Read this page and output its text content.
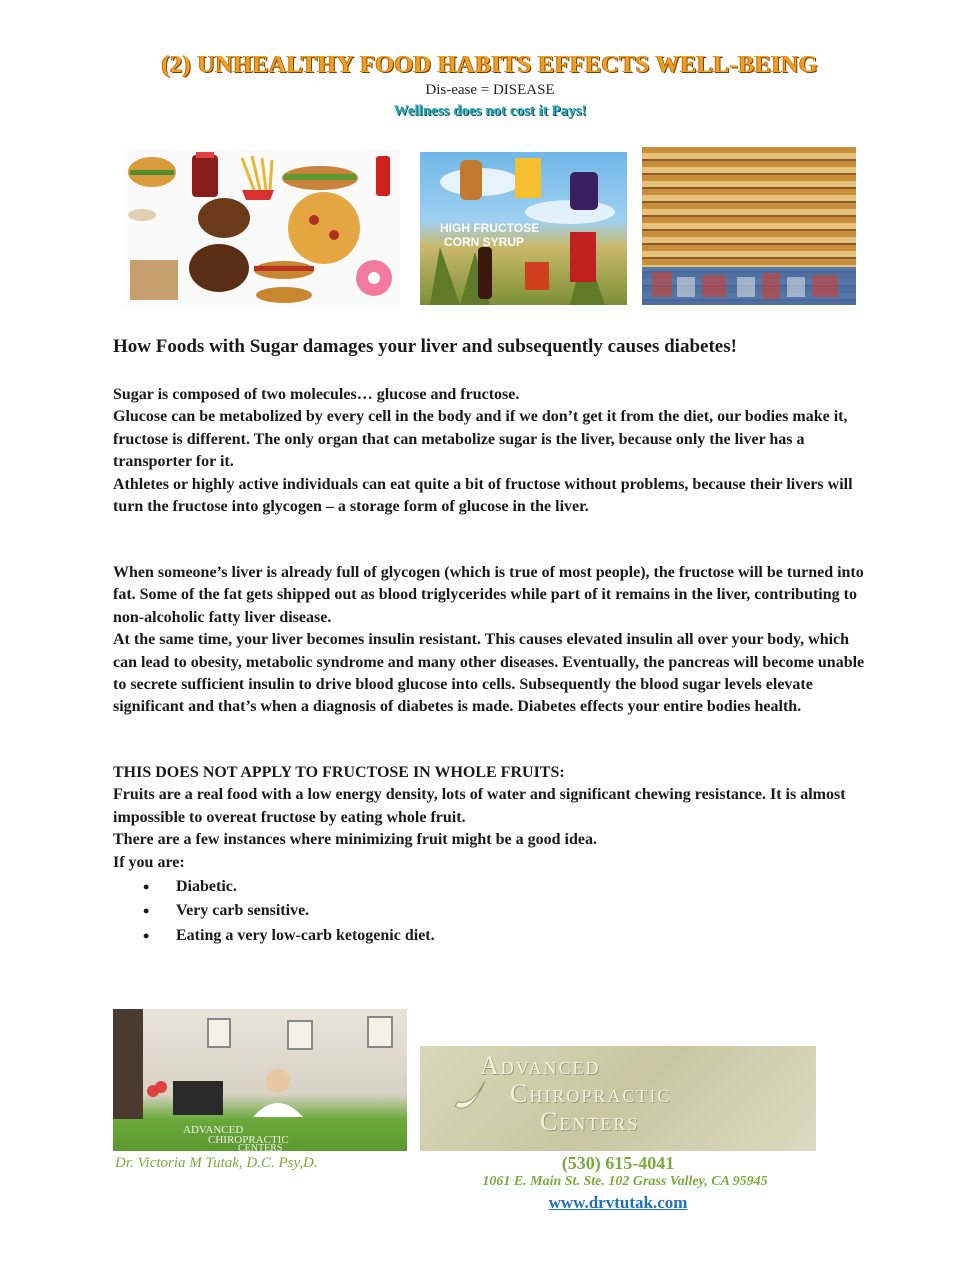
(2) UNHEALTHY FOOD HABITS EFFECTS WELL-BEING
Dis-ease = DISEASE
Wellness does not cost it Pays!
HIGH FRUCTOSE
CORN SYRUP
How Foods with Sugar damages your liver and subsequently causes diabetes!

Sugar is composed of two molecules… glucose and fructose.

Glucose can be metabolized by every cell in the body and if we don’t get it from the diet, our bodies make it, fructose is different. The only organ that can metabolize sugar is the liver, because only the liver has a transporter for it.

Athletes or highly active individuals can eat quite a bit of fructose without problems, because their livers will turn the fructose into glycogen – a storage form of glucose in the liver.

When someone’s liver is already full of glycogen (which is true of most people), the fructose will be turned into fat. Some of the fat gets shipped out as blood triglycerides while part of it remains in the liver, contributing to non-alcoholic fatty liver disease.

At the same time, your liver becomes insulin resistant. This causes elevated insulin all over your body, which can lead to obesity, metabolic syndrome and many other diseases. Eventually, the pancreas will become unable to secrete sufficient insulin to drive blood glucose into cells. Subsequently the blood sugar levels elevate significant and that’s when a diagnosis of diabetes is made. Diabetes effects your entire bodies health.

THIS DOES NOT APPLY TO FRUCTOSE IN WHOLE FRUITS:

Fruits are a real food with a low energy density, lots of water and significant chewing resistance. It is almost impossible to overeat fructose by eating whole fruit.

There are a few instances where minimizing fruit might be a good idea.

If you are:

• Diabetic.
• Very carb sensitive.
• Eating a very low-carb ketogenic diet.
ADVANCED
CHIROPRACTIC
CENTERS
Advanced
Chiropractic
Centers
Dr. Victoria M Tutak, D.C. Psy,D.	(530) 615-4041
1061 E. Main St. Ste. 102 Grass Valley, CA 95945
www.drvtutak.com
